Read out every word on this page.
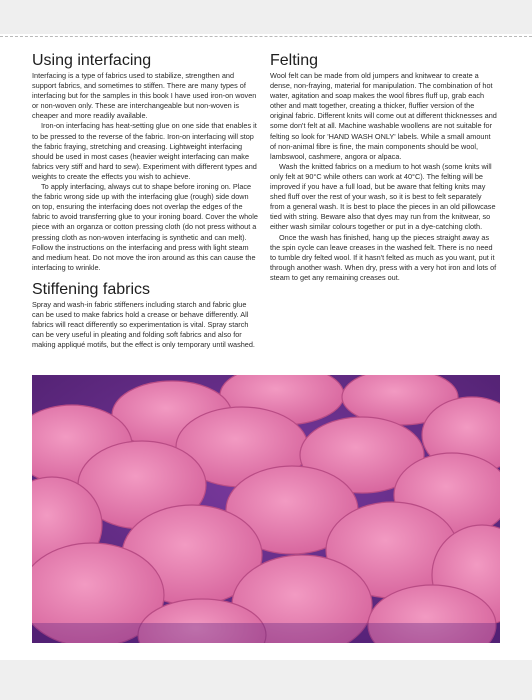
Using interfacing

Interfacing is a type of fabrics used to stabilize, strengthen and support fabrics, and sometimes to stiffen. There are many types of interfacing but for the samples in this book I have used iron-on woven or non-woven only. These are interchangeable but non-woven is cheaper and more readily available.

Iron-on interfacing has heat-setting glue on one side that enables it to be pressed to the reverse of the fabric. Iron-on interfacing will stop the fabric fraying, stretching and creasing. Lightweight interfacing should be used in most cases (heavier weight interfacing can make fabrics very stiff and hard to sew). Experiment with different types and weights to create the effects you wish to achieve.

To apply interfacing, always cut to shape before ironing on. Place the fabric wrong side up with the interfacing glue (rough) side down on top, ensuring the interfacing does not overlap the edges of the fabric to avoid transferring glue to your ironing board. Cover the whole piece with an organza or cotton pressing cloth (do not press without a pressing cloth as non-woven interfacing is synthetic and can melt). Follow the instructions on the interfacing and press with light steam and medium heat. Do not move the iron around as this can cause the interfacing to wrinkle.

Stiffening fabrics

Spray and wash-in fabric stiffeners including starch and fabric glue can be used to make fabrics hold a crease or behave differently. All fabrics will react differently so experimentation is vital. Spray starch can be very useful in pleating and folding soft fabrics and also for making appliqué motifs, but the effect is only temporary until washed.

Felting

Wool felt can be made from old jumpers and knitwear to create a dense, non-fraying, material for manipulation. The combination of hot water, agitation and soap makes the wool fibres fluff up, grab each other and matt together, creating a thicker, fluffier version of the original fabric. Different knits will come out at different thicknesses and some don't felt at all. Machine washable woollens are not suitable for felting so look for 'HAND WASH ONLY' labels. While a small amount of non-animal fibre is fine, the main components should be wool, lambswool, cashmere, angora or alpaca.

Wash the knitted fabrics on a medium to hot wash (some knits will only felt at 90°C while others can work at 40°C). The felting will be improved if you have a full load, but be aware that felting knits may shed fluff over the rest of your wash, so it is best to felt separately from a general wash. It is best to place the pieces in an old pillowcase tied with string. Beware also that dyes may run from the knitwear, so either wash similar colours together or put in a dye-catching cloth.

Once the wash has finished, hang up the pieces straight away as the spin cycle can leave creases in the washed felt. There is no need to tumble dry felted wool. If it hasn't felted as much as you want, put it through another wash. When dry, press with a very hot iron and lots of steam to get any remaining creases out.
